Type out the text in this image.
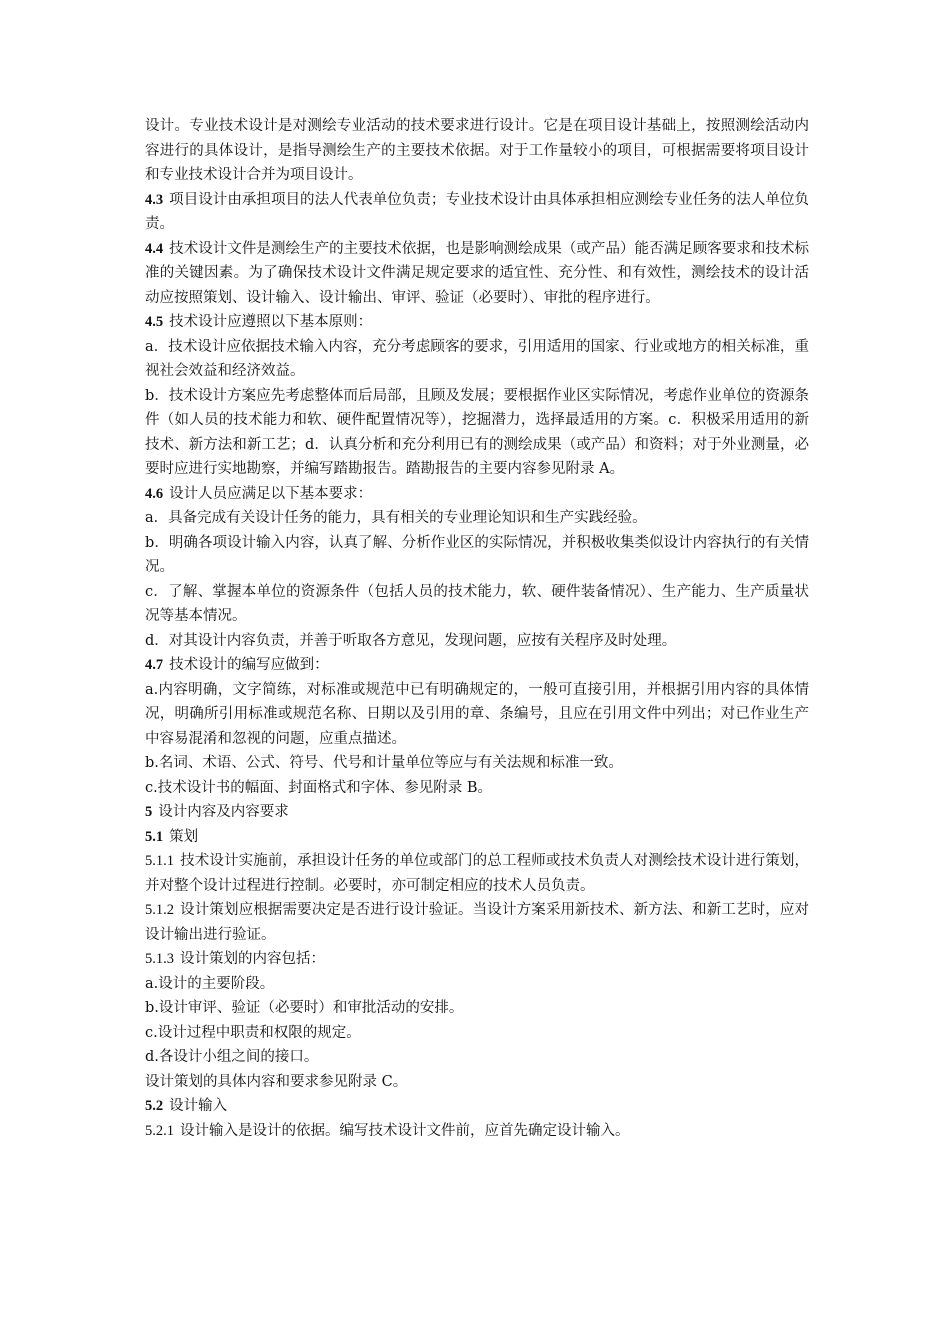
设计。专业技术设计是对测绘专业活动的技术要求进行设计。它是在项目设计基础上，按照测绘活动内容进行的具体设计，是指导测绘生产的主要技术依据。对于工作量较小的项目，可根据需要将项目设计和专业技术设计合并为项目设计。

4.3 项目设计由承担项目的法人代表单位负责；专业技术设计由具体承担相应测绘专业任务的法人单位负责。

4.4 技术设计文件是测绘生产的主要技术依据，也是影响测绘成果（或产品）能否满足顾客要求和技术标准的关键因素。为了确保技术设计文件满足规定要求的适宜性、充分性、和有效性，测绘技术的设计活动应按照策划、设计输入、设计输出、审评、验证（必要时）、审批的程序进行。

4.5 技术设计应遵照以下基本原则：

a．技术设计应依据技术输入内容，充分考虑顾客的要求，引用适用的国家、行业或地方的相关标准，重视社会效益和经济效益。

b．技术设计方案应先考虑整体而后局部，且顾及发展；要根据作业区实际情况，考虑作业单位的资源条件（如人员的技术能力和软、硬件配置情况等），挖掘潜力，选择最适用的方案。c．积极采用适用的新技术、新方法和新工艺；d．认真分析和充分利用已有的测绘成果（或产品）和资料；对于外业测量，必要时应进行实地勘察，并编写踏勘报告。踏勘报告的主要内容参见附录 A。

4.6 设计人员应满足以下基本要求：

a．具备完成有关设计任务的能力，具有相关的专业理论知识和生产实践经验。

b．明确各项设计输入内容，认真了解、分析作业区的实际情况，并积极收集类似设计内容执行的有关情况。

c．了解、掌握本单位的资源条件（包括人员的技术能力，软、硬件装备情况）、生产能力、生产质量状况等基本情况。

d．对其设计内容负责，并善于听取各方意见，发现问题，应按有关程序及时处理。

4.7 技术设计的编写应做到：

a.内容明确，文字简练，对标准或规范中已有明确规定的，一般可直接引用，并根据引用内容的具体情况，明确所引用标准或规范名称、日期以及引用的章、条编号，且应在引用文件中列出；对已作业生产中容易混淆和忽视的问题，应重点描述。

b.名词、术语、公式、符号、代号和计量单位等应与有关法规和标准一致。

c.技术设计书的幅面、封面格式和字体、参见附录 B。

5 设计内容及内容要求

5.1 策划

5.1.1 技术设计实施前，承担设计任务的单位或部门的总工程师或技术负责人对测绘技术设计进行策划，并对整个设计过程进行控制。必要时，亦可制定相应的技术人员负责。

5.1.2 设计策划应根据需要决定是否进行设计验证。当设计方案采用新技术、新方法、和新工艺时，应对设计输出进行验证。

5.1.3 设计策划的内容包括：

a.设计的主要阶段。

b.设计审评、验证（必要时）和审批活动的安排。

c.设计过程中职责和权限的规定。

d.各设计小组之间的接口。

设计策划的具体内容和要求参见附录 C。

5.2 设计输入

5.2.1 设计输入是设计的依据。编写技术设计文件前，应首先确定设计输入。
